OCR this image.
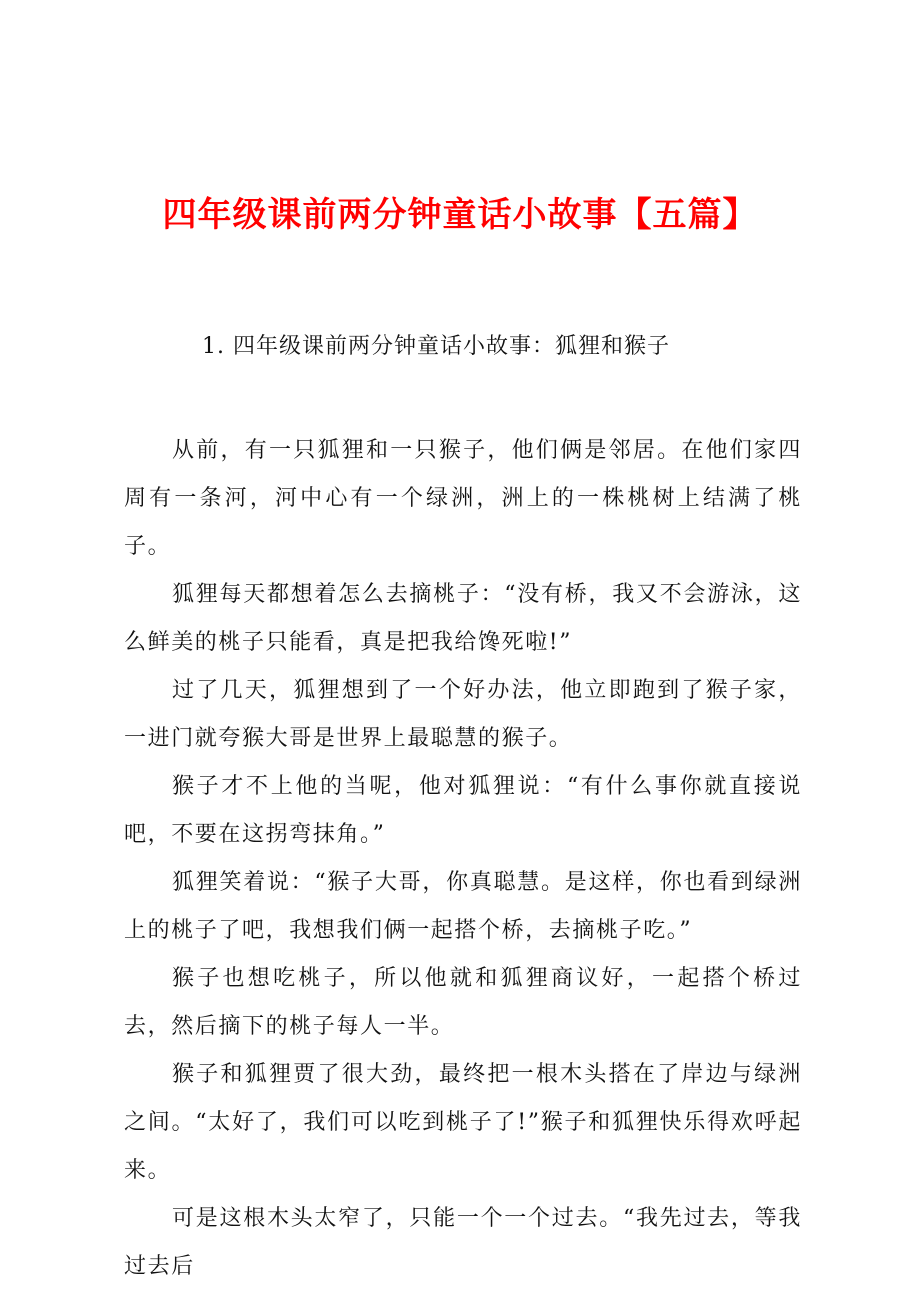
四年级课前两分钟童话小故事【五篇】
1. 四年级课前两分钟童话小故事：狐狸和猴子

从前，有一只狐狸和一只猴子，他们俩是邻居。在他们家四周有一条河，河中心有一个绿洲，洲上的一株桃树上结满了桃子。

狐狸每天都想着怎么去摘桃子：“没有桥，我又不会游泳，这么鲜美的桃子只能看，真是把我给馋死啦!”

过了几天，狐狸想到了一个好办法，他立即跑到了猴子家，一进门就夸猴大哥是世界上最聪慧的猴子。

猴子才不上他的当呢，他对狐狸说：“有什么事你就直接说吧，不要在这拐弯抹角。”

狐狸笑着说：“猴子大哥，你真聪慧。是这样，你也看到绿洲上的桃子了吧，我想我们俩一起搭个桥，去摘桃子吃。”

猴子也想吃桃子，所以他就和狐狸商议好，一起搭个桥过去，然后摘下的桃子每人一半。

猴子和狐狸贾了很大劲，最终把一根木头搭在了岸边与绿洲之间。“太好了，我们可以吃到桃子了!”猴子和狐狸快乐得欢呼起来。

可是这根木头太窄了，只能一个一个过去。“我先过去，等我过去后
